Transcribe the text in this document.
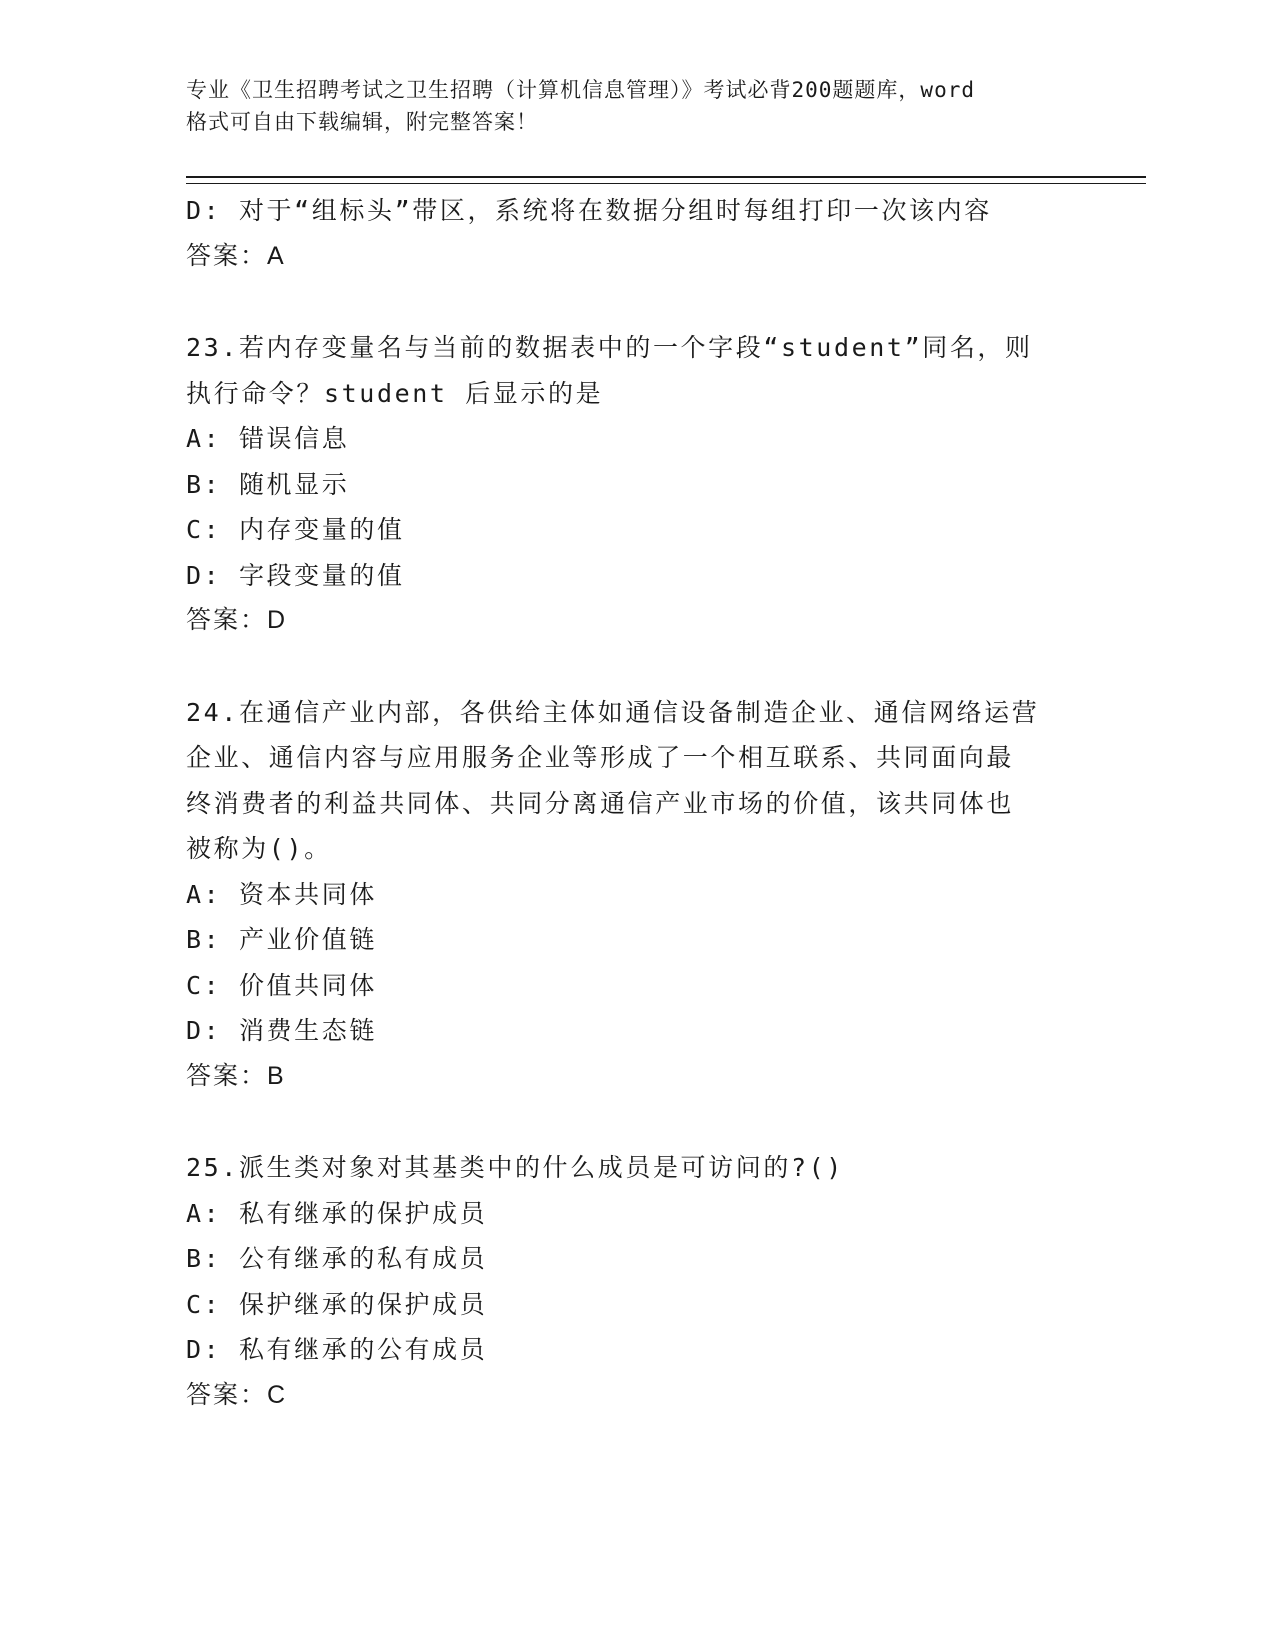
专业《卫生招聘考试之卫生招聘（计算机信息管理）》考试必背200题题库，word
格式可自由下载编辑，附完整答案！
D: 对于“组标头”带区，系统将在数据分组时每组打印一次该内容
答案：A
23.若内存变量名与当前的数据表中的一个字段“student”同名，则
执行命令？student 后显示的是
A: 错误信息
B: 随机显示
C: 内存变量的值
D: 字段变量的值
答案：D
24.在通信产业内部，各供给主体如通信设备制造企业、通信网络运营
企业、通信内容与应用服务企业等形成了一个相互联系、共同面向最
终消费者的利益共同体、共同分离通信产业市场的价值，该共同体也
被称为()。
A: 资本共同体
B: 产业价值链
C: 价值共同体
D: 消费生态链
答案：B
25.派生类对象对其基类中的什么成员是可访问的?()
A: 私有继承的保护成员
B: 公有继承的私有成员
C: 保护继承的保护成员
D: 私有继承的公有成员
答案：C
